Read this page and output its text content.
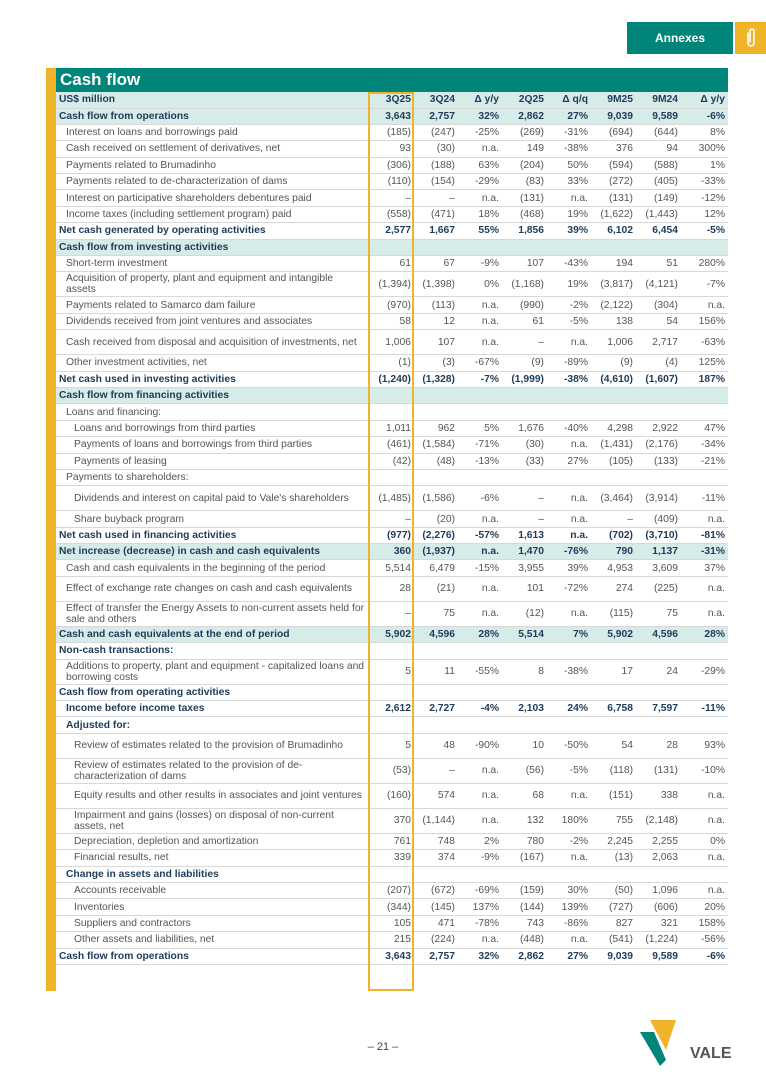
Annexes
Cash flow
US$ million	3Q25	3Q24	Δ y/y	2Q25	Δ q/q	9M25	9M24	Δ y/y
Cash flow from operations	3,643	2,757	32%	2,862	27%	9,039	9,589	-6%
Interest on loans and borrowings paid	(185)	(247)	-25%	(269)	-31%	(694)	(644)	8%
Cash received on settlement of derivatives, net	93	(30)	n.a.	149	-38%	376	94	300%
Payments related to Brumadinho	(306)	(188)	63%	(204)	50%	(594)	(588)	1%
Payments related to de-characterization of dams	(110)	(154)	-29%	(83)	33%	(272)	(405)	-33%
Interest on participative shareholders debentures paid	–	–	n.a.	(131)	n.a.	(131)	(149)	-12%
Income taxes (including settlement program) paid	(558)	(471)	18%	(468)	19%	(1,622)	(1,443)	12%
Net cash generated by operating activities	2,577	1,667	55%	1,856	39%	6,102	6,454	-5%
Cash flow from investing activities								
Short-term investment	61	67	-9%	107	-43%	194	51	280%
Acquisition of property, plant and equipment and intangible assets	(1,394)	(1,398)	0%	(1,168)	19%	(3,817)	(4,121)	-7%
Payments related to Samarco dam failure	(970)	(113)	n.a.	(990)	-2%	(2,122)	(304)	n.a.
Dividends received from joint ventures and associates	58	12	n.a.	61	-5%	138	54	156%
Cash received from disposal and acquisition of investments, net	1,006	107	n.a.	–	n.a.	1,006	2,717	-63%
Other investment activities, net	(1)	(3)	-67%	(9)	-89%	(9)	(4)	125%
Net cash used in investing activities	(1,240)	(1,328)	-7%	(1,999)	-38%	(4,610)	(1,607)	187%
Cash flow from financing activities								
Loans and financing:								
Loans and borrowings from third parties	1,011	962	5%	1,676	-40%	4,298	2,922	47%
Payments of loans and borrowings from third parties	(461)	(1,584)	-71%	(30)	n.a.	(1,431)	(2,176)	-34%
Payments of leasing	(42)	(48)	-13%	(33)	27%	(105)	(133)	-21%
Payments to shareholders:								
Dividends and interest on capital paid to Vale's shareholders	(1,485)	(1,586)	-6%	–	n.a.	(3,464)	(3,914)	-11%
Share buyback program	–	(20)	n.a.	–	n.a.	–	(409)	n.a.
Net cash used in financing activities	(977)	(2,276)	-57%	1,613	n.a.	(702)	(3,710)	-81%
Net increase (decrease) in cash and cash equivalents	360	(1,937)	n.a.	1,470	-76%	790	1,137	-31%
Cash and cash equivalents in the beginning of the period	5,514	6,479	-15%	3,955	39%	4,953	3,609	37%
Effect of exchange rate changes on cash and cash equivalents	28	(21)	n.a.	101	-72%	274	(225)	n.a.
Effect of transfer the Energy Assets to non-current assets held for sale and others	–	75	n.a.	(12)	n.a.	(115)	75	n.a.
Cash and cash equivalents at the end of period	5,902	4,596	28%	5,514	7%	5,902	4,596	28%
Non-cash transactions:								
Additions to property, plant and equipment - capitalized loans and borrowing costs	5	11	-55%	8	-38%	17	24	-29%
Cash flow from operating activities								
Income before income taxes	2,612	2,727	-4%	2,103	24%	6,758	7,597	-11%
Adjusted for:								
Review of estimates related to the provision of Brumadinho	5	48	-90%	10	-50%	54	28	93%
Review of estimates related to the provision of de-characterization of dams	(53)	–	n.a.	(56)	-5%	(118)	(131)	-10%
Equity results and other results in associates and joint ventures	(160)	574	n.a.	68	n.a.	(151)	338	n.a.
Impairment and gains (losses) on disposal of non-current assets, net	370	(1,144)	n.a.	132	180%	755	(2,148)	n.a.
Depreciation, depletion and amortization	761	748	2%	780	-2%	2,245	2,255	0%
Financial results, net	339	374	-9%	(167)	n.a.	(13)	2,063	n.a.
Change in assets and liabilities								
Accounts receivable	(207)	(672)	-69%	(159)	30%	(50)	1,096	n.a.
Inventories	(344)	(145)	137%	(144)	139%	(727)	(606)	20%
Suppliers and contractors	105	471	-78%	743	-86%	827	321	158%
Other assets and liabilities, net	215	(224)	n.a.	(448)	n.a.	(541)	(1,224)	-56%
Cash flow from operations	3,643	2,757	32%	2,862	27%	9,039	9,589	-6%
– 21 –	VALE
